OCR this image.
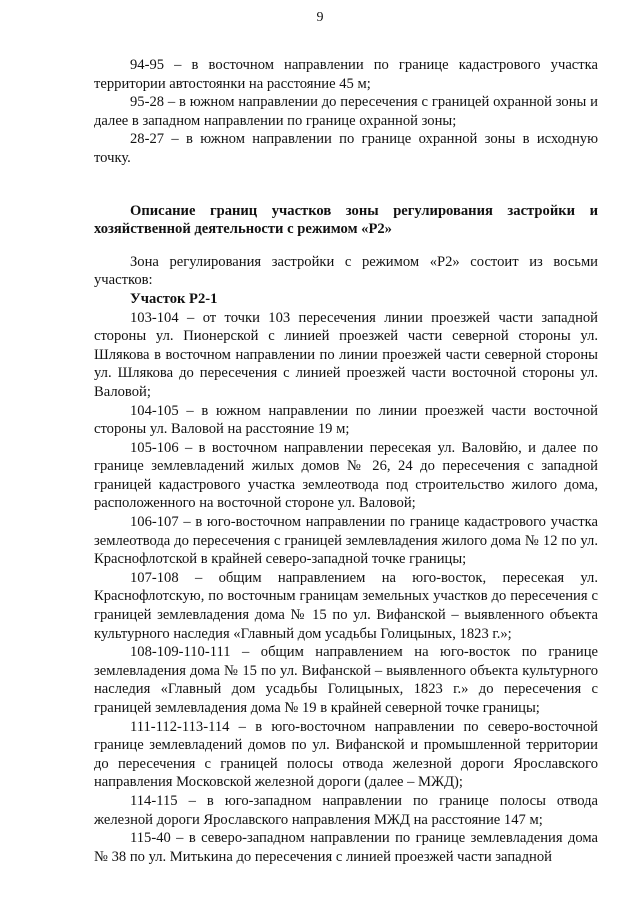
9

94-95 – в восточном направлении по границе кадастрового участка территории автостоянки на расстояние 45 м;

95-28 – в южном направлении до пересечения с границей охранной зоны и далее в западном направлении по границе охранной зоны;

28-27 – в южном направлении по границе охранной зоны в исходную точку.

Описание границ участков зоны регулирования застройки и хозяйственной деятельности с режимом «Р2»

Зона регулирования застройки с режимом «Р2» состоит из восьми участков:

Участок Р2-1

103-104 – от точки 103 пересечения линии проезжей части западной стороны ул. Пионерской с линией проезжей части северной стороны ул. Шлякова в восточном направлении по линии проезжей части северной стороны ул. Шлякова до пересечения с линией проезжей части восточной стороны ул. Валовой;

104-105 – в южном направлении по линии проезжей части восточной стороны ул. Валовой на расстояние 19 м;

105-106 – в восточном направлении пересекая ул. Валовйю, и далее по границе землевладений жилых домов № 26, 24 до пересечения с западной границей кадастрового участка землеотвода под строительство жилого дома, расположенного на восточной стороне ул. Валовой;

106-107 – в юго-восточном направлении по границе кадастрового участка землеотвода до пересечения с границей землевладения жилого дома № 12 по ул. Краснофлотской в крайней северо-западной точке границы;

107-108 – общим направлением на юго-восток, пересекая ул. Краснофлотскую, по восточным границам земельных участков до пересечения с границей землевладения дома № 15 по ул. Вифанской – выявленного объекта культурного наследия «Главный дом усадьбы Голицыных, 1823 г.»;

108-109-110-111 – общим направлением на юго-восток по границе землевладения дома № 15 по ул. Вифанской – выявленного объекта культурного наследия «Главный дом усадьбы Голицыных, 1823 г.» до пересечения с границей землевладения дома № 19 в крайней северной точке границы;

111-112-113-114 – в юго-восточном направлении по северо-восточной границе землевладений домов по ул. Вифанской и промышленной территории до пересечения с границей полосы отвода железной дороги Ярославского направления Московской железной дороги (далее – МЖД);

114-115 – в юго-западном направлении по границе полосы отвода железной дороги Ярославского направления МЖД на расстояние 147 м;

115-40 – в северо-западном направлении по границе землевладения дома № 38 по ул. Митькина до пересечения с линией проезжей части западной
